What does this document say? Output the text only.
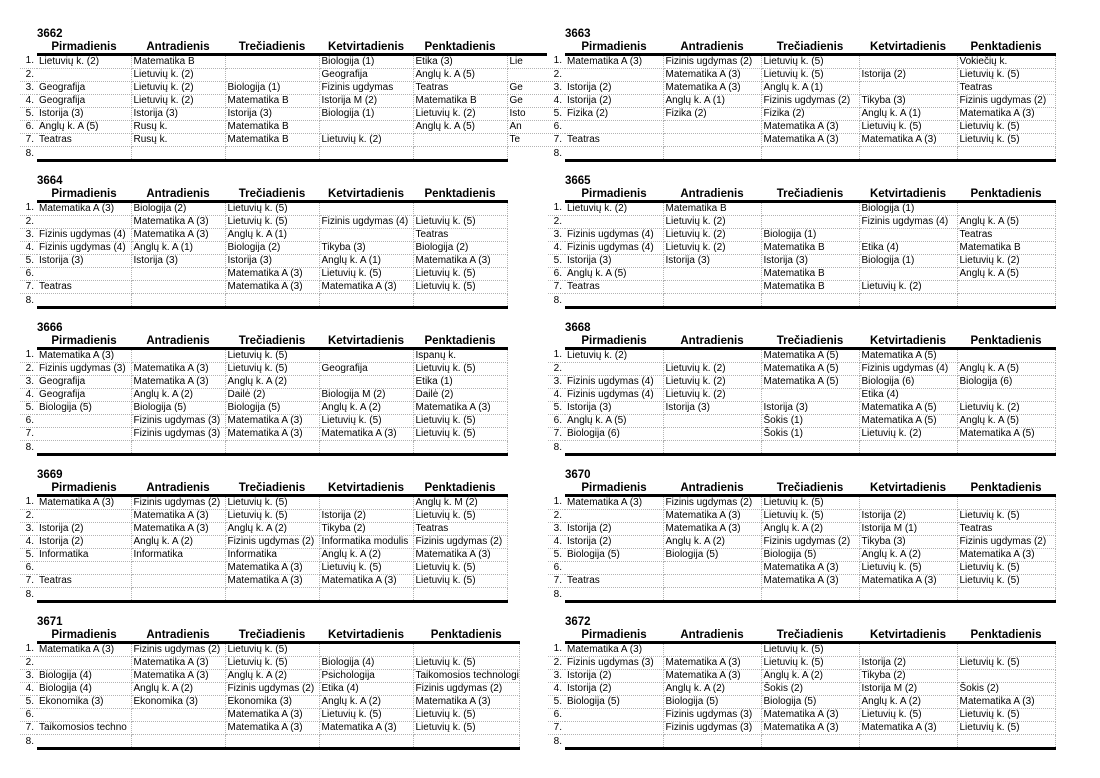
3662
	Pirmadienis	Antradienis	Trečiadienis	Ketvirtadienis	Penktadienis	
1.	Lietuvių k. (2)	Matematika B		Biologija (1)	Etika (3)	Lie
2.		Lietuvių k. (2)		Geografija	Anglų k. A (5)	
3.	Geografija	Lietuvių k. (2)	Biologija (1)	Fizinis ugdymas	Teatras	Ge
4.	Geografija	Lietuvių k. (2)	Matematika B	Istorija M (2)	Matematika B	Ge
5.	Istorija (3)	Istorija (3)	Istorija (3)	Biologija (1)	Lietuvių k. (2)	Isto
6.	Anglų k. A (5)	Rusų k.	Matematika B		Anglų k. A (5)	An
7.	Teatras	Rusų k.	Matematika B	Lietuvių k. (2)		Te
8.						
3663
	Pirmadienis	Antradienis	Trečiadienis	Ketvirtadienis	Penktadienis
1.	Matematika A (3)	Fizinis ugdymas (2)	Lietuvių k. (5)		Vokiečių k.
2.		Matematika A (3)	Lietuvių k. (5)	Istorija (2)	Lietuvių k. (5)
3.	Istorija (2)	Matematika A (3)	Anglų k. A (1)		Teatras
4.	Istorija (2)	Anglų k. A (1)	Fizinis ugdymas (2)	Tikyba (3)	Fizinis ugdymas (2)
5.	Fizika (2)	Fizika (2)	Fizika (2)	Anglų k. A (1)	Matematika A (3)
6.			Matematika A (3)	Lietuvių k. (5)	Lietuvių k. (5)
7.	Teatras		Matematika A (3)	Matematika A (3)	Lietuvių k. (5)
8.					
3664
	Pirmadienis	Antradienis	Trečiadienis	Ketvirtadienis	Penktadienis
1.	Matematika A (3)	Biologija (2)	Lietuvių k. (5)		
2.		Matematika A (3)	Lietuvių k. (5)	Fizinis ugdymas (4)	Lietuvių k. (5)
3.	Fizinis ugdymas (4)	Matematika A (3)	Anglų k. A (1)		Teatras
4.	Fizinis ugdymas (4)	Anglų k. A (1)	Biologija (2)	Tikyba (3)	Biologija (2)
5.	Istorija (3)	Istorija (3)	Istorija (3)	Anglų k. A (1)	Matematika A (3)
6.			Matematika A (3)	Lietuvių k. (5)	Lietuvių k. (5)
7.	Teatras		Matematika A (3)	Matematika A (3)	Lietuvių k. (5)
8.					
3665
	Pirmadienis	Antradienis	Trečiadienis	Ketvirtadienis	Penktadienis
1.	Lietuvių k. (2)	Matematika B		Biologija (1)	
2.		Lietuvių k. (2)		Fizinis ugdymas (4)	Anglų k. A (5)
3.	Fizinis ugdymas (4)	Lietuvių k. (2)	Biologija (1)		Teatras
4.	Fizinis ugdymas (4)	Lietuvių k. (2)	Matematika B	Etika (4)	Matematika B
5.	Istorija (3)	Istorija (3)	Istorija (3)	Biologija (1)	Lietuvių k. (2)
6.	Anglų k. A (5)		Matematika B		Anglų k. A (5)
7.	Teatras		Matematika B	Lietuvių k. (2)	
8.					
3666
	Pirmadienis	Antradienis	Trečiadienis	Ketvirtadienis	Penktadienis
1.	Matematika A (3)		Lietuvių k. (5)		Ispanų k.
2.	Fizinis ugdymas (3)	Matematika A (3)	Lietuvių k. (5)	Geografija	Lietuvių k. (5)
3.	Geografija	Matematika A (3)	Anglų k. A (2)		Etika (1)
4.	Geografija	Anglų k. A (2)	Dailė (2)	Biologija M (2)	Dailė (2)
5.	Biologija (5)	Biologija (5)	Biologija (5)	Anglų k. A (2)	Matematika A (3)
6.		Fizinis ugdymas (3)	Matematika A (3)	Lietuvių k. (5)	Lietuvių k. (5)
7.		Fizinis ugdymas (3)	Matematika A (3)	Matematika A (3)	Lietuvių k. (5)
8.					
3668
	Pirmadienis	Antradienis	Trečiadienis	Ketvirtadienis	Penktadienis
1.	Lietuvių k. (2)		Matematika A (5)	Matematika A (5)	
2.		Lietuvių k. (2)	Matematika A (5)	Fizinis ugdymas (4)	Anglų k. A (5)
3.	Fizinis ugdymas (4)	Lietuvių k. (2)	Matematika A (5)	Biologija (6)	Biologija (6)
4.	Fizinis ugdymas (4)	Lietuvių k. (2)		Etika (4)	
5.	Istorija (3)	Istorija (3)	Istorija (3)	Matematika A (5)	Lietuvių k. (2)
6.	Anglų k. A (5)		Šokis (1)	Matematika A (5)	Anglų k. A (5)
7.	Biologija (6)		Šokis (1)	Lietuvių k. (2)	Matematika A (5)
8.					
3669
	Pirmadienis	Antradienis	Trečiadienis	Ketvirtadienis	Penktadienis
1.	Matematika A (3)	Fizinis ugdymas (2)	Lietuvių k. (5)		Anglų k. M (2)
2.		Matematika A (3)	Lietuvių k. (5)	Istorija (2)	Lietuvių k. (5)
3.	Istorija (2)	Matematika A (3)	Anglų k. A (2)	Tikyba (2)	Teatras
4.	Istorija (2)	Anglų k. A (2)	Fizinis ugdymas (2)	Informatika modulis	Fizinis ugdymas (2)
5.	Informatika	Informatika	Informatika	Anglų k. A (2)	Matematika A (3)
6.			Matematika A (3)	Lietuvių k. (5)	Lietuvių k. (5)
7.	Teatras		Matematika A (3)	Matematika A (3)	Lietuvių k. (5)
8.					
3670
	Pirmadienis	Antradienis	Trečiadienis	Ketvirtadienis	Penktadienis
1.	Matematika A (3)	Fizinis ugdymas (2)	Lietuvių k. (5)		
2.		Matematika A (3)	Lietuvių k. (5)	Istorija (2)	Lietuvių k. (5)
3.	Istorija (2)	Matematika A (3)	Anglų k. A (2)	Istorija M (1)	Teatras
4.	Istorija (2)	Anglų k. A (2)	Fizinis ugdymas (2)	Tikyba (3)	Fizinis ugdymas (2)
5.	Biologija (5)	Biologija (5)	Biologija (5)	Anglų k. A (2)	Matematika A (3)
6.			Matematika A (3)	Lietuvių k. (5)	Lietuvių k. (5)
7.	Teatras		Matematika A (3)	Matematika A (3)	Lietuvių k. (5)
8.					
3671
	Pirmadienis	Antradienis	Trečiadienis	Ketvirtadienis	Penktadienis
1.	Matematika A (3)	Fizinis ugdymas (2)	Lietuvių k. (5)		
2.		Matematika A (3)	Lietuvių k. (5)	Biologija (4)	Lietuvių k. (5)
3.	Biologija (4)	Matematika A (3)	Anglų k. A (2)	Psichologija	Taikomosios technologi
4.	Biologija (4)	Anglų k. A (2)	Fizinis ugdymas (2)	Etika (4)	Fizinis ugdymas (2)
5.	Ekonomika (3)	Ekonomika (3)	Ekonomika (3)	Anglų k. A (2)	Matematika A (3)
6.			Matematika A (3)	Lietuvių k. (5)	Lietuvių k. (5)
7.	Taikomosios techno		Matematika A (3)	Matematika A (3)	Lietuvių k. (5)
8.					
3672
	Pirmadienis	Antradienis	Trečiadienis	Ketvirtadienis	Penktadienis
1.	Matematika A (3)		Lietuvių k. (5)		
2.	Fizinis ugdymas (3)	Matematika A (3)	Lietuvių k. (5)	Istorija (2)	Lietuvių k. (5)
3.	Istorija (2)	Matematika A (3)	Anglų k. A (2)	Tikyba (2)	
4.	Istorija (2)	Anglų k. A (2)	Šokis (2)	Istorija M (2)	Šokis (2)
5.	Biologija (5)	Biologija (5)	Biologija (5)	Anglų k. A (2)	Matematika A (3)
6.		Fizinis ugdymas (3)	Matematika A (3)	Lietuvių k. (5)	Lietuvių k. (5)
7.		Fizinis ugdymas (3)	Matematika A (3)	Matematika A (3)	Lietuvių k. (5)
8.					
